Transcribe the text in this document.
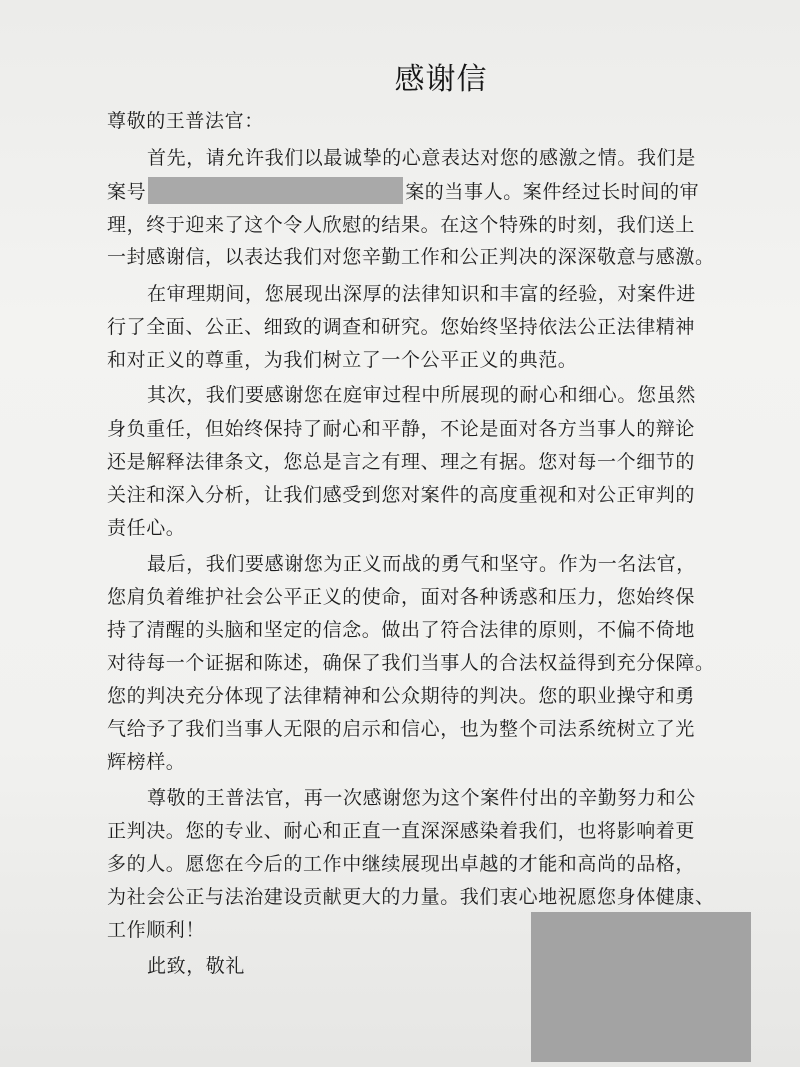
感谢信
尊敬的王普法官：
首先，请允许我们以最诚挚的心意表达对您的感激之情。我们是
案号	案的当事人。案件经过长时间的审
理，终于迎来了这个令人欣慰的结果。在这个特殊的时刻，我们送上
一封感谢信，以表达我们对您辛勤工作和公正判决的深深敬意与感激。
在审理期间，您展现出深厚的法律知识和丰富的经验，对案件进
行了全面、公正、细致的调查和研究。您始终坚持依法公正法律精神
和对正义的尊重，为我们树立了一个公平正义的典范。
其次，我们要感谢您在庭审过程中所展现的耐心和细心。您虽然
身负重任，但始终保持了耐心和平静，不论是面对各方当事人的辩论
还是解释法律条文，您总是言之有理、理之有据。您对每一个细节的
关注和深入分析，让我们感受到您对案件的高度重视和对公正审判的
责任心。
最后，我们要感谢您为正义而战的勇气和坚守。作为一名法官，
您肩负着维护社会公平正义的使命，面对各种诱惑和压力，您始终保
持了清醒的头脑和坚定的信念。做出了符合法律的原则，不偏不倚地
对待每一个证据和陈述，确保了我们当事人的合法权益得到充分保障。
您的判决充分体现了法律精神和公众期待的判决。您的职业操守和勇
气给予了我们当事人无限的启示和信心，也为整个司法系统树立了光
辉榜样。
尊敬的王普法官，再一次感谢您为这个案件付出的辛勤努力和公
正判决。您的专业、耐心和正直一直深深感染着我们，也将影响着更
多的人。愿您在今后的工作中继续展现出卓越的才能和高尚的品格，
为社会公正与法治建设贡献更大的力量。我们衷心地祝愿您身体健康、
工作顺利！
此致，敬礼
